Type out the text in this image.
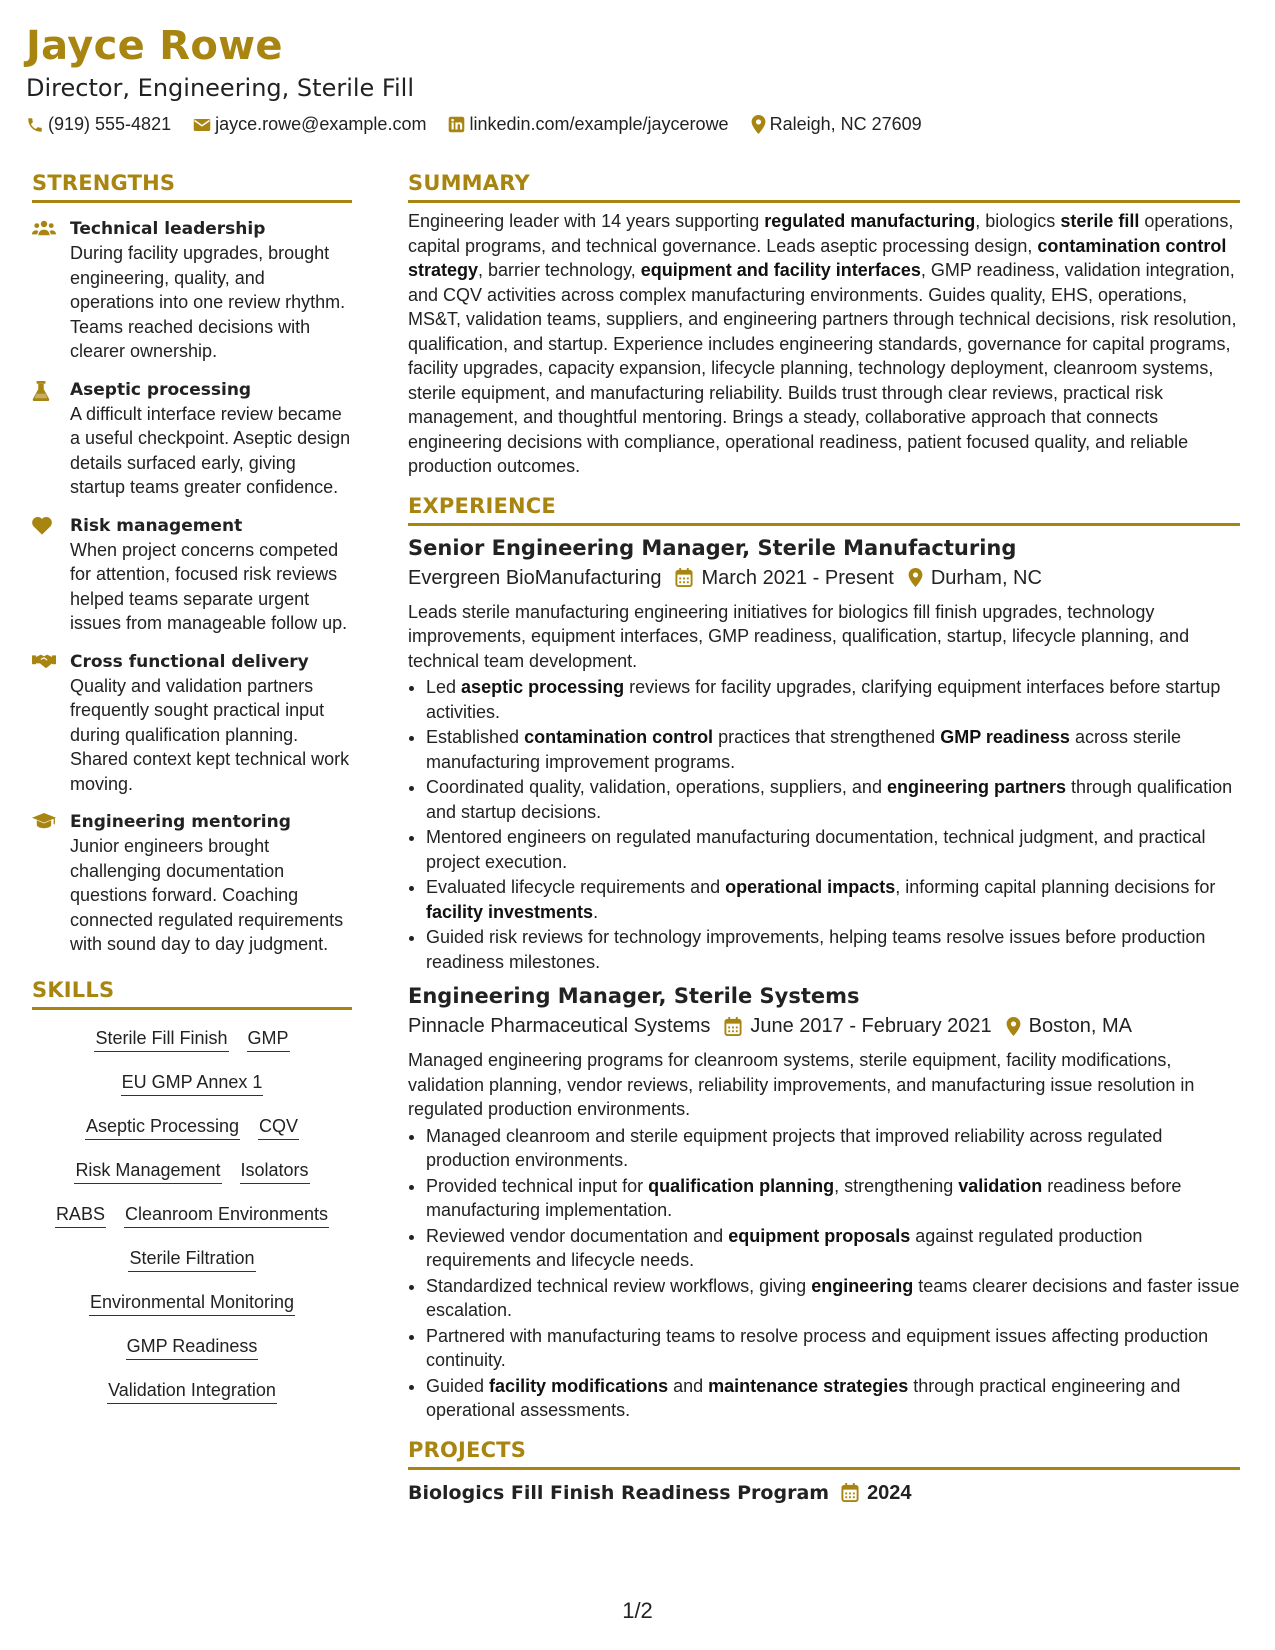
Jayce Rowe
Director, Engineering, Sterile Fill
(919) 555-4821 jayce.rowe@example.com linkedin.com/example/jaycerowe Raleigh, NC 27609
STRENGTHS
Technical leadership
During facility upgrades, brought engineering, quality, and operations into one review rhythm. Teams reached decisions with clearer ownership.
Aseptic processing
A difficult interface review became a useful checkpoint. Aseptic design details surfaced early, giving startup teams greater confidence.
Risk management
When project concerns competed for attention, focused risk reviews helped teams separate urgent issues from manageable follow up.
Cross functional delivery
Quality and validation partners frequently sought practical input during qualification planning. Shared context kept technical work moving.
Engineering mentoring
Junior engineers brought challenging documentation questions forward. Coaching connected regulated requirements with sound day to day judgment.
SKILLS
Sterile Fill Finish GMP
EU GMP Annex 1
Aseptic Processing CQV
Risk Management Isolators
RABS Cleanroom Environments
Sterile Filtration
Environmental Monitoring
GMP Readiness
Validation Integration
SUMMARY
Engineering leader with 14 years supporting regulated manufacturing, biologics sterile fill operations, capital programs, and technical governance. Leads aseptic processing design, contamination control strategy, barrier technology, equipment and facility interfaces, GMP readiness, validation integration, and CQV activities across complex manufacturing environments. Guides quality, EHS, operations, MS&T, validation teams, suppliers, and engineering partners through technical decisions, risk resolution, qualification, and startup. Experience includes engineering standards, governance for capital programs, facility upgrades, capacity expansion, lifecycle planning, technology deployment, cleanroom systems, sterile equipment, and manufacturing reliability. Builds trust through clear reviews, practical risk management, and thoughtful mentoring. Brings a steady, collaborative approach that connects engineering decisions with compliance, operational readiness, patient focused quality, and reliable production outcomes.
EXPERIENCE
Senior Engineering Manager, Sterile Manufacturing
Evergreen BioManufacturing March 2021 - Present Durham, NC
Leads sterile manufacturing engineering initiatives for biologics fill finish upgrades, technology improvements, equipment interfaces, GMP readiness, qualification, startup, lifecycle planning, and technical team development.
• Led aseptic processing reviews for facility upgrades, clarifying equipment interfaces before startup activities.
• Established contamination control practices that strengthened GMP readiness across sterile manufacturing improvement programs.
• Coordinated quality, validation, operations, suppliers, and engineering partners through qualification and startup decisions.
• Mentored engineers on regulated manufacturing documentation, technical judgment, and practical project execution.
• Evaluated lifecycle requirements and operational impacts, informing capital planning decisions for facility investments.
• Guided risk reviews for technology improvements, helping teams resolve issues before production readiness milestones.
Engineering Manager, Sterile Systems
Pinnacle Pharmaceutical Systems June 2017 - February 2021 Boston, MA
Managed engineering programs for cleanroom systems, sterile equipment, facility modifications, validation planning, vendor reviews, reliability improvements, and manufacturing issue resolution in regulated production environments.
• Managed cleanroom and sterile equipment projects that improved reliability across regulated production environments.
• Provided technical input for qualification planning, strengthening validation readiness before manufacturing implementation.
• Reviewed vendor documentation and equipment proposals against regulated production requirements and lifecycle needs.
• Standardized technical review workflows, giving engineering teams clearer decisions and faster issue escalation.
• Partnered with manufacturing teams to resolve process and equipment issues affecting production continuity.
• Guided facility modifications and maintenance strategies through practical engineering and operational assessments.
PROJECTS
Biologics Fill Finish Readiness Program 2024
1/2
